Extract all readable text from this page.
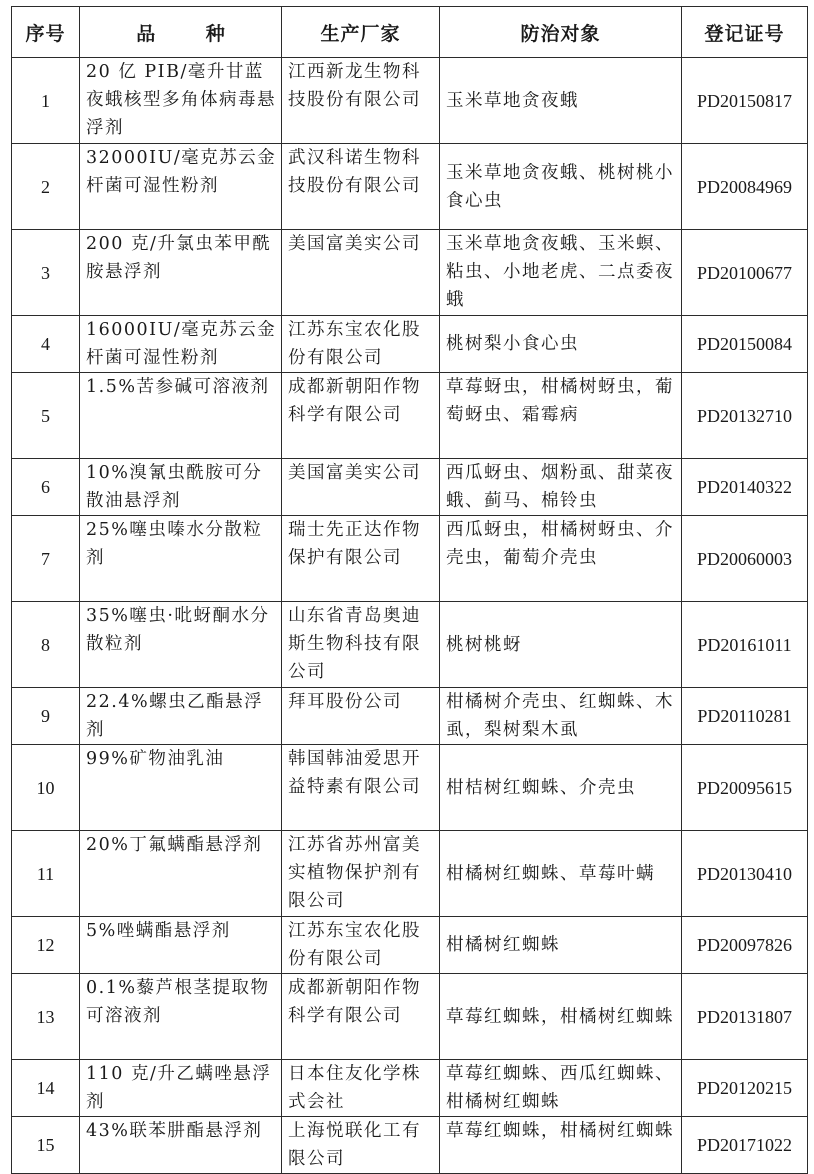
序号	品 种	生产厂家	防治对象	登记证号
1	20 亿 PIB/毫升甘蓝夜蛾核型多角体病毒悬浮剂	江西新龙生物科技股份有限公司	玉米草地贪夜蛾	PD20150817
2	32000IU/毫克苏云金杆菌可湿性粉剂	武汉科诺生物科技股份有限公司	玉米草地贪夜蛾、桃树桃小食心虫	PD20084969
3	200 克/升氯虫苯甲酰胺悬浮剂	美国富美实公司	玉米草地贪夜蛾、玉米螟、粘虫、小地老虎、二点委夜蛾	PD20100677
4	16000IU/毫克苏云金杆菌可湿性粉剂	江苏东宝农化股份有限公司	桃树梨小食心虫	PD20150084
5	1.5%苦参碱可溶液剂	成都新朝阳作物科学有限公司	草莓蚜虫，柑橘树蚜虫，葡萄蚜虫、霜霉病	PD20132710
6	10%溴氰虫酰胺可分散油悬浮剂	美国富美实公司	西瓜蚜虫、烟粉虱、甜菜夜蛾、蓟马、棉铃虫	PD20140322
7	25%噻虫嗪水分散粒剂	瑞士先正达作物保护有限公司	西瓜蚜虫，柑橘树蚜虫、介壳虫，葡萄介壳虫	PD20060003
8	35%噻虫·吡蚜酮水分散粒剂	山东省青岛奥迪斯生物科技有限公司	桃树桃蚜	PD20161011
9	22.4%螺虫乙酯悬浮剂	拜耳股份公司	柑橘树介壳虫、红蜘蛛、木虱，梨树梨木虱	PD20110281
10	99%矿物油乳油	韩国韩油爱思开益特素有限公司	柑桔树红蜘蛛、介壳虫	PD20095615
11	20%丁氟螨酯悬浮剂	江苏省苏州富美实植物保护剂有限公司	柑橘树红蜘蛛、草莓叶螨	PD20130410
12	5%唑螨酯悬浮剂	江苏东宝农化股份有限公司	柑橘树红蜘蛛	PD20097826
13	0.1%藜芦根茎提取物可溶液剂	成都新朝阳作物科学有限公司	草莓红蜘蛛，柑橘树红蜘蛛	PD20131807
14	110 克/升乙螨唑悬浮剂	日本住友化学株式会社	草莓红蜘蛛、西瓜红蜘蛛、柑橘树红蜘蛛	PD20120215
15	43%联苯肼酯悬浮剂	上海悦联化工有限公司	草莓红蜘蛛，柑橘树红蜘蛛	PD20171022
